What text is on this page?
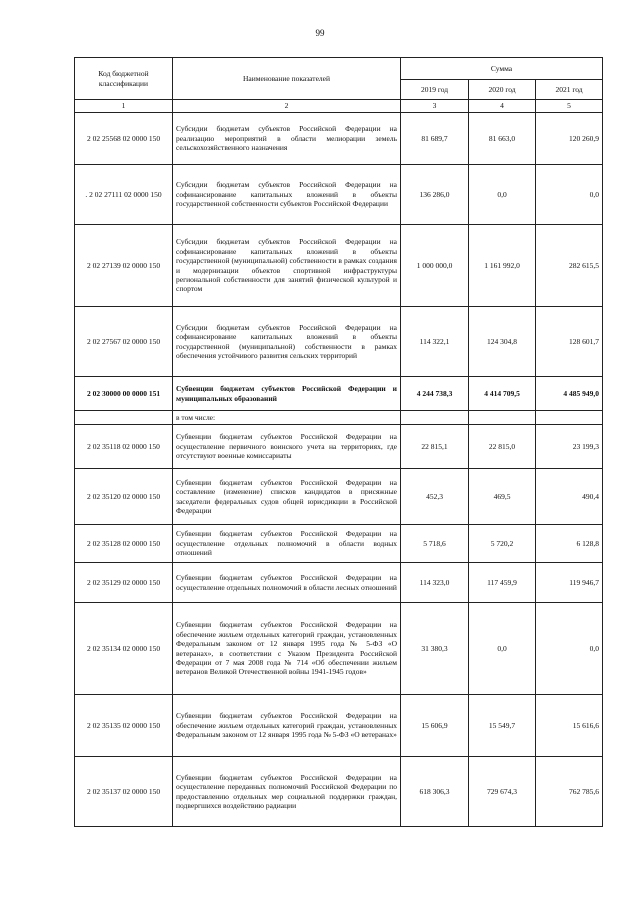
99
Код бюджетной классификации	Наименование показателей	Сумма		
		2019 год	2020 год	2021 год
1	2	3	4	5
2 02 25568 02 0000 150	Субсидии бюджетам субъектов Российской Федерации на реализацию мероприятий в области мелиорации земель сельскохозяйственного назначения	81 689,7	81 663,0	120 260,9
. 2 02 27111 02 0000 150	Субсидии бюджетам субъектов Российской Федерации на софинансирование капитальных вложений в объекты государственной собственности субъектов Российской Федерации	136 286,0	0,0	0,0
2 02 27139 02 0000 150	Субсидии бюджетам субъектов Российской Федерации на софинансирование капитальных вложений в объекты государственной (муниципальной) собственности в рамках создания и модернизации объектов спортивной инфраструктуры региональной собственности для занятий физической культурой и спортом	1 000 000,0	1 161 992,0	282 615,5
2 02 27567 02 0000 150	Субсидии бюджетам субъектов Российской Федерации на софинансирование капитальных вложений в объекты государственной (муниципальной) собственности в рамках обеспечения устойчивого развития сельских территорий	114 322,1	124 304,8	128 601,7
2 02 30000 00 0000 151	Субвенции бюджетам субъектов Российской Федерации и муниципальных образований	4 244 738,3	4 414 709,5	4 485 949,0
	в том числе:			
2 02 35118 02 0000 150	Субвенции бюджетам субъектов Российской Федерации на осуществление первичного воинского учета на территориях, где отсутствуют военные комиссариаты	22 815,1	22 815,0	23 199,3
2 02 35120 02 0000 150	Субвенции бюджетам субъектов Российской Федерации на составление (изменение) списков кандидатов в присяжные заседатели федеральных судов общей юрисдикции в Российской Федерации	452,3	469,5	490,4
2 02 35128 02 0000 150	Субвенции бюджетам субъектов Российской Федерации на осуществление отдельных полномочий в области водных отношений	5 718,6	5 720,2	6 128,8
2 02 35129 02 0000 150	Субвенции бюджетам субъектов Российской Федерации на осуществление отдельных полномочий в области лесных отношений	114 323,0	117 459,9	119 946,7
2 02 35134 02 0000 150	Субвенции бюджетам субъектов Российской Федерации на обеспечение жильем отдельных категорий граждан, установленных Федеральным законом от 12 января 1995 года № 5-ФЗ «О ветеранах», в соответствии с Указом Президента Российской Федерации от 7 мая 2008 года № 714 «Об обеспечении жильем ветеранов Великой Отечественной войны 1941-1945 годов»	31 380,3	0,0	0,0
2 02 35135 02 0000 150	Субвенции бюджетам субъектов Российской Федерации на обеспечение жильем отдельных категорий граждан, установленных Федеральным законом от 12 января 1995 года № 5-ФЗ «О ветеранах»	15 606,9	15 549,7	15 616,6
2 02 35137 02 0000 150	Субвенции бюджетам субъектов Российской Федерации на осуществление переданных полномочий Российской Федерации по предоставлению отдельных мер социальной поддержки граждан, подвергшихся воздействию радиации	618 306,3	729 674,3	762 785,6
